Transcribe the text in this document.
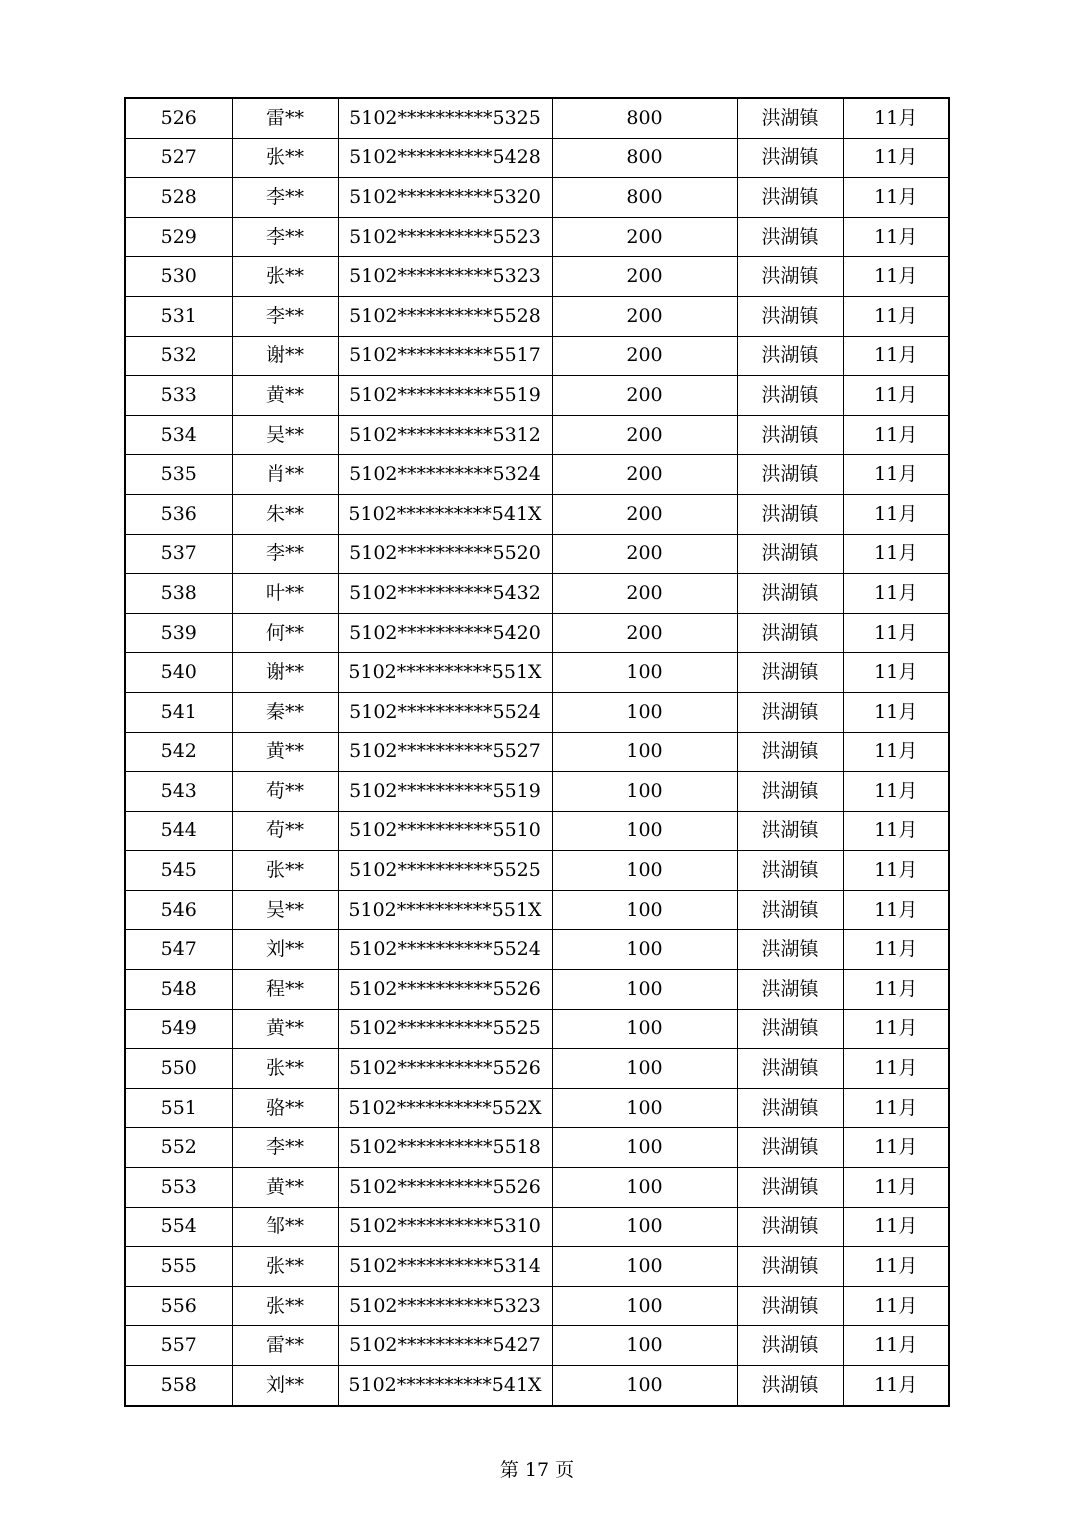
526	雷**	5102**********5325	800	洪湖镇	11月
527	张**	5102**********5428	800	洪湖镇	11月
528	李**	5102**********5320	800	洪湖镇	11月
529	李**	5102**********5523	200	洪湖镇	11月
530	张**	5102**********5323	200	洪湖镇	11月
531	李**	5102**********5528	200	洪湖镇	11月
532	谢**	5102**********5517	200	洪湖镇	11月
533	黄**	5102**********5519	200	洪湖镇	11月
534	吴**	5102**********5312	200	洪湖镇	11月
535	肖**	5102**********5324	200	洪湖镇	11月
536	朱**	5102**********541X	200	洪湖镇	11月
537	李**	5102**********5520	200	洪湖镇	11月
538	叶**	5102**********5432	200	洪湖镇	11月
539	何**	5102**********5420	200	洪湖镇	11月
540	谢**	5102**********551X	100	洪湖镇	11月
541	秦**	5102**********5524	100	洪湖镇	11月
542	黄**	5102**********5527	100	洪湖镇	11月
543	苟**	5102**********5519	100	洪湖镇	11月
544	苟**	5102**********5510	100	洪湖镇	11月
545	张**	5102**********5525	100	洪湖镇	11月
546	吴**	5102**********551X	100	洪湖镇	11月
547	刘**	5102**********5524	100	洪湖镇	11月
548	程**	5102**********5526	100	洪湖镇	11月
549	黄**	5102**********5525	100	洪湖镇	11月
550	张**	5102**********5526	100	洪湖镇	11月
551	骆**	5102**********552X	100	洪湖镇	11月
552	李**	5102**********5518	100	洪湖镇	11月
553	黄**	5102**********5526	100	洪湖镇	11月
554	邹**	5102**********5310	100	洪湖镇	11月
555	张**	5102**********5314	100	洪湖镇	11月
556	张**	5102**********5323	100	洪湖镇	11月
557	雷**	5102**********5427	100	洪湖镇	11月
558	刘**	5102**********541X	100	洪湖镇	11月
第 17 页
